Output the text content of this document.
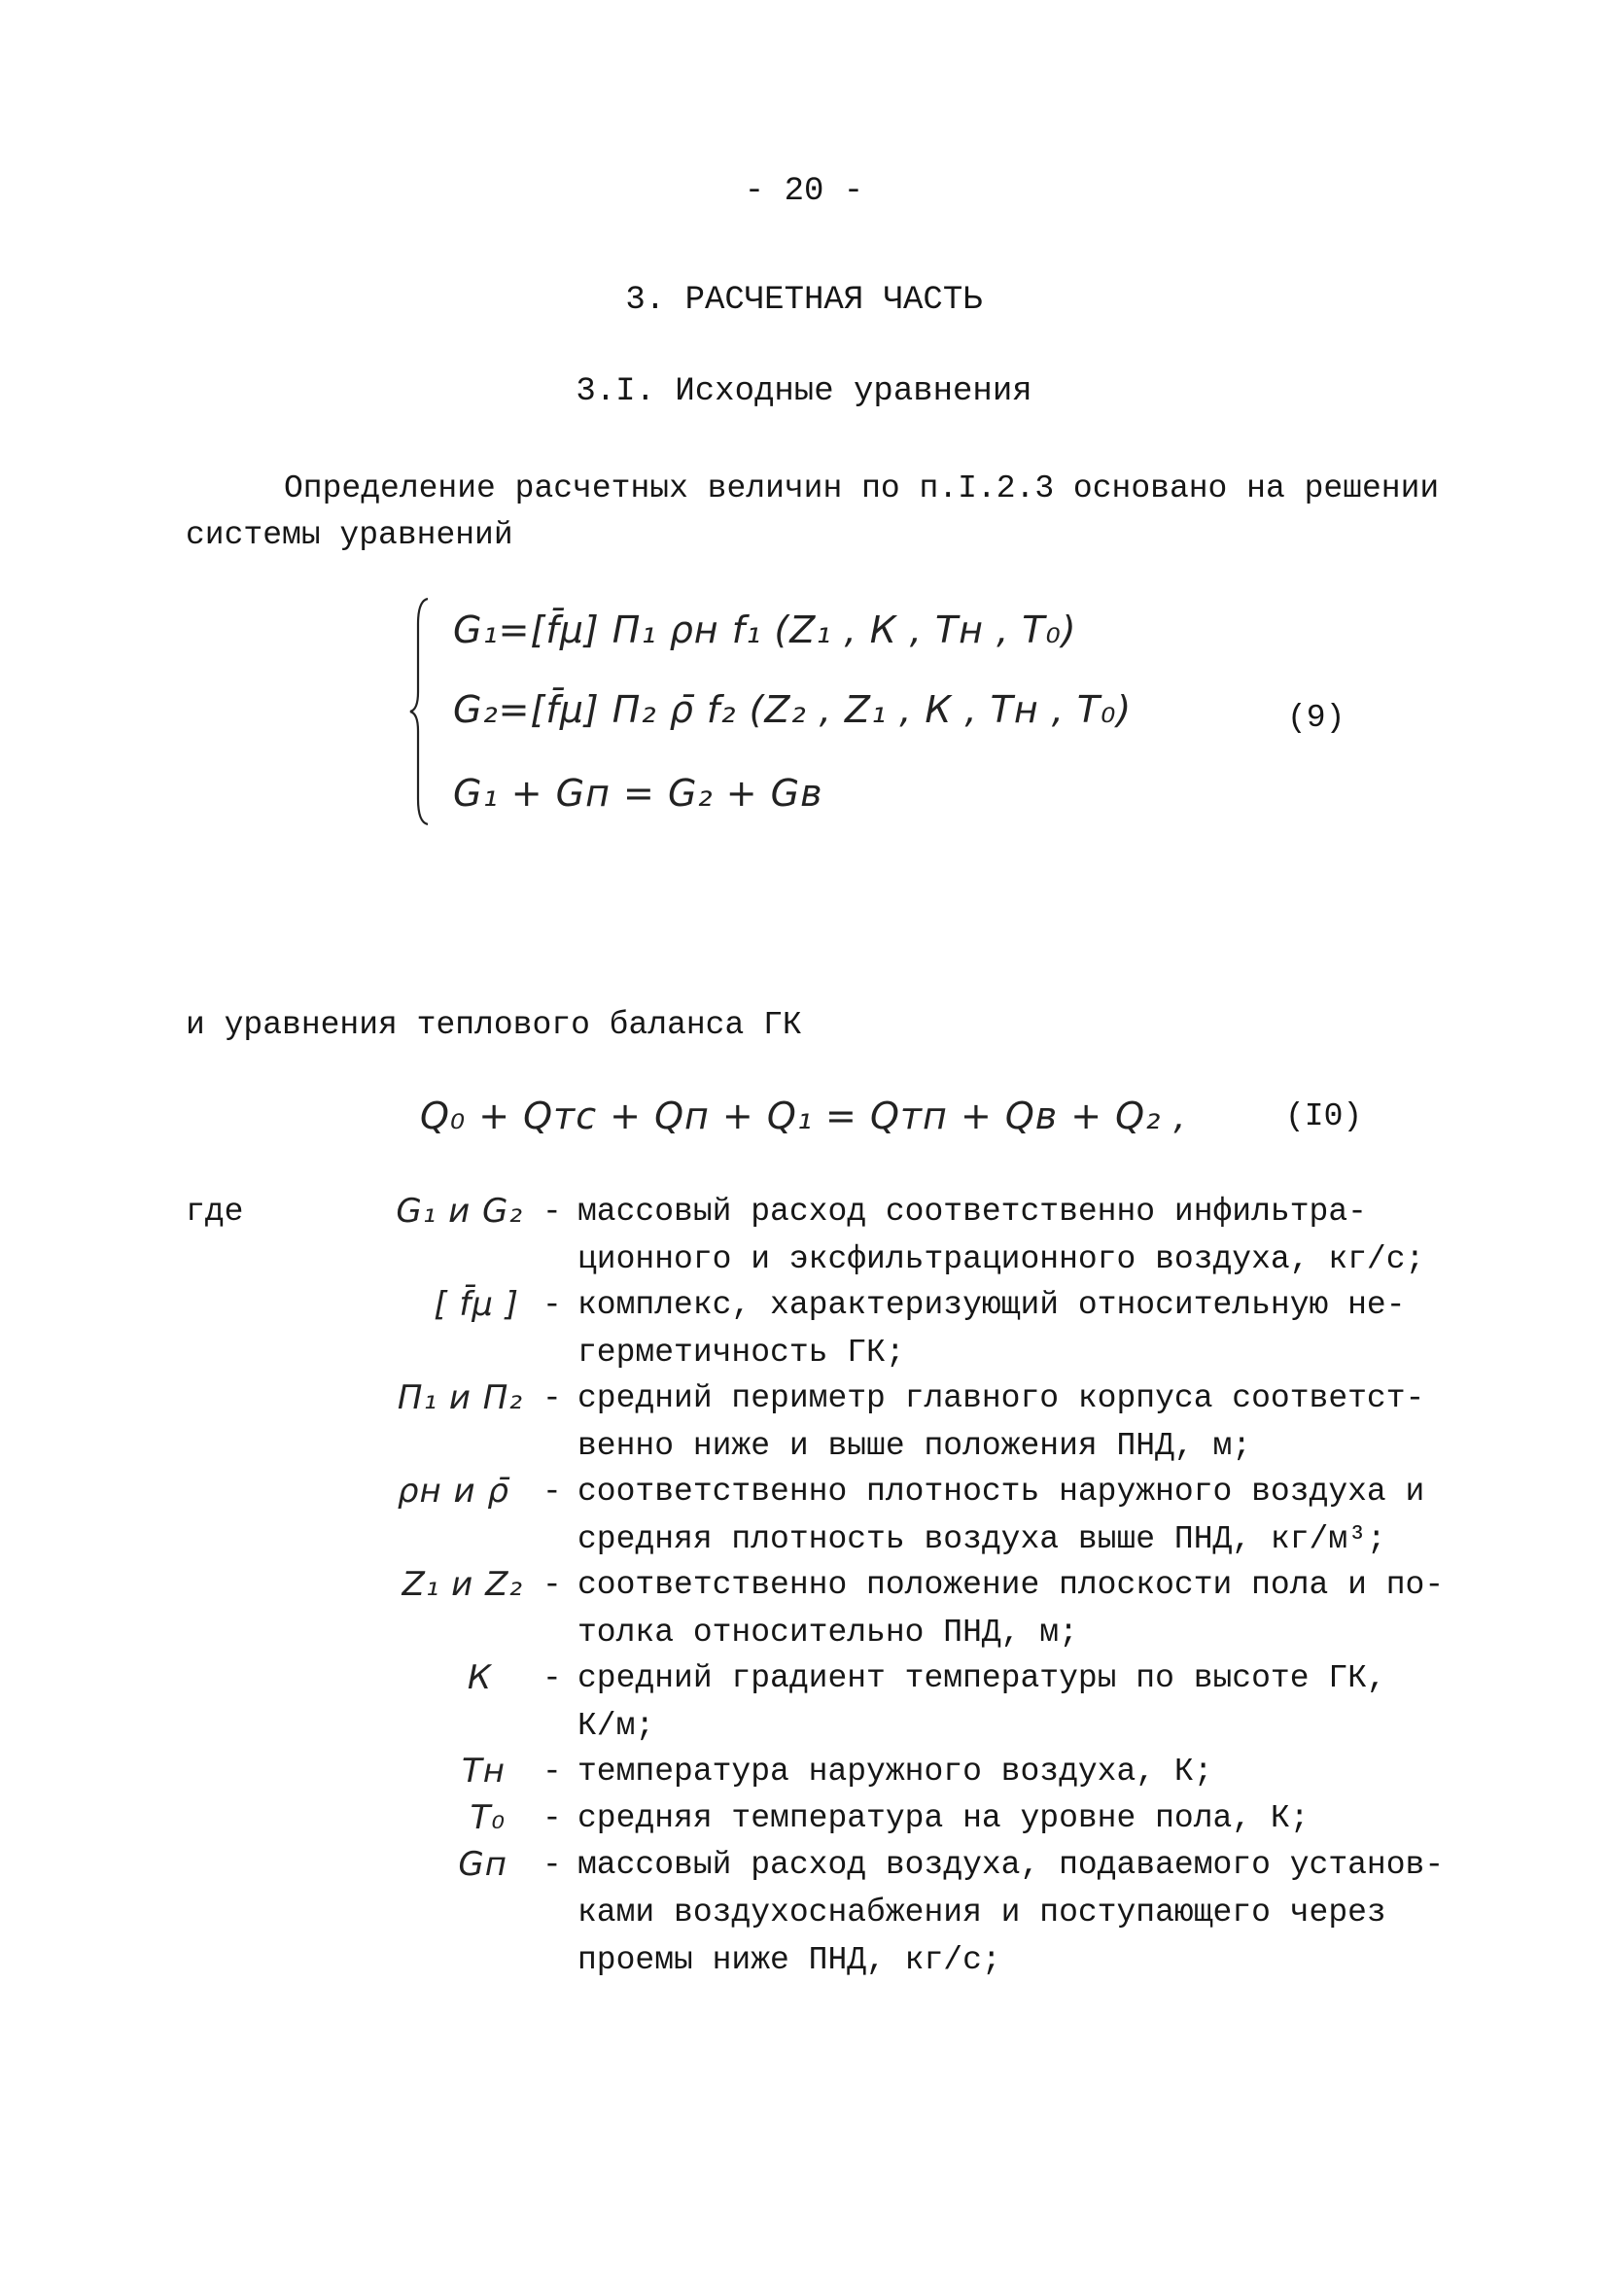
- 20 -
3. РАСЧЕТНАЯ ЧАСТЬ
3.I. Исходные уравнения
Определение расчетных величин по п.I.2.3 основано на решении
системы уравнений
G₁=[f̄μ] П₁ ρн f₁ (Z₁ , К , Tн , T₀)
G₂=[f̄μ] П₂ ρ̄ f₂ (Z₂ , Z₁ , К , Tн , T₀)
G₁ + Gп = G₂ + Gв
(9)
и уравнения теплового баланса ГК
Q₀ + Qтс + Qп + Q₁ = Qтп + Qв + Q₂ ,	(I0)
где	G₁ и G₂ - массовый расход соответственно инфильтра-
ционного и эксфильтрационного воздуха, кг/с;
[ f̄μ ] - комплекс, характеризующий относительную не-
герметичность ГК;
П₁ и П₂ - средний периметр главного корпуса соответст-
венно ниже и выше положения ПНД, м;
ρн и ρ̄ - соответственно плотность наружного воздуха и
средняя плотность воздуха выше ПНД, кг/м³;
Z₁ и Z₂ - соответственно положение плоскости пола и по-
толка относительно ПНД, м;
К - средний градиент температуры по высоте ГК,
К/м;
Tн - температура наружного воздуха, К;
T₀ - средняя температура на уровне пола, К;
Gп - массовый расход воздуха, подаваемого установ-
ками воздухоснабжения и поступающего через
проемы ниже ПНД, кг/с;
